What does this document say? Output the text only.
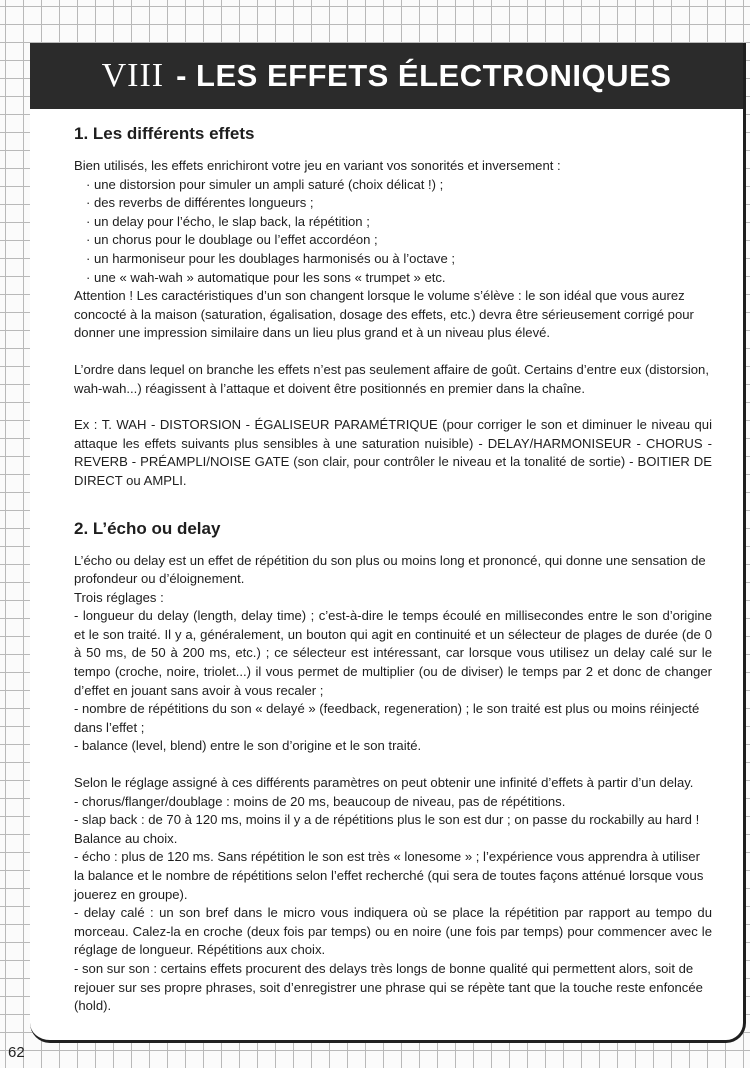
VIII - LES EFFETS ÉLECTRONIQUES
1. Les différents effets

Bien utilisés, les effets enrichiront votre jeu en variant vos sonorités et inversement :

· une distorsion pour simuler un ampli saturé (choix délicat !) ;
· des reverbs de différentes longueurs ;
· un delay pour l’écho, le slap back, la répétition ;
· un chorus pour le doublage ou l’effet accordéon ;
· un harmoniseur pour les doublages harmonisés ou à l’octave ;
· une « wah-wah » automatique pour les sons « trumpet » etc.

Attention ! Les caractéristiques d’un son changent lorsque le volume s’élève : le son idéal que vous aurez concocté à la maison (saturation, égalisation, dosage des effets, etc.) devra être sérieusement corrigé pour donner une impression similaire dans un lieu plus grand et à un niveau plus élevé.

L’ordre dans lequel on branche les effets n’est pas seulement affaire de goût. Certains d’entre eux (distorsion, wah-wah...) réagissent à l’attaque et doivent être positionnés en premier dans la chaîne.

Ex : T. WAH - DISTORSION - ÉGALISEUR PARAMÉTRIQUE (pour corriger le son et diminuer le niveau qui attaque les effets suivants plus sensibles à une saturation nuisible) - DELAY/HARMONISEUR - CHORUS - REVERB - PRÉAMPLI/NOISE GATE (son clair, pour contrôler le niveau et la tonalité de sortie) - BOITIER DE DIRECT ou AMPLI.

2. L’écho ou delay

L’écho ou delay est un effet de répétition du son plus ou moins long et prononcé, qui donne une sensation de profondeur ou d’éloignement.

Trois réglages :

- longueur du delay (length, delay time) ; c’est-à-dire le temps écoulé en millisecondes entre le son d’origine et le son traité. Il y a, généralement, un bouton qui agit en continuité et un sélecteur de plages de durée (de 0 à 50 ms, de 50 à 200 ms, etc.) ; ce sélecteur est intéressant, car lorsque vous utilisez un delay calé sur le tempo (croche, noire, triolet...) il vous permet de multiplier (ou de diviser) le temps par 2 et donc de changer d’effet en jouant sans avoir à vous recaler ;

- nombre de répétitions du son « delayé » (feedback, regeneration) ; le son traité est plus ou moins réinjecté dans l’effet ;

- balance (level, blend) entre le son d’origine et le son traité.

Selon le réglage assigné à ces différents paramètres on peut obtenir une infinité d’effets à partir d’un delay.

- chorus/flanger/doublage : moins de 20 ms, beaucoup de niveau, pas de répétitions.

- slap back : de 70 à 120 ms, moins il y a de répétitions plus le son est dur ; on passe du rockabilly au hard ! Balance au choix.

- écho : plus de 120 ms. Sans répétition le son est très « lonesome » ; l’expérience vous apprendra à utiliser la balance et le nombre de répétitions selon l’effet recherché (qui sera de toutes façons atténué lorsque vous jouerez en groupe).

- delay calé : un son bref dans le micro vous indiquera où se place la répétition par rapport au tempo du morceau. Calez-la en croche (deux fois par temps) ou en noire (une fois par temps) pour commencer avec le réglage de longueur. Répétitions aux choix.

- son sur son : certains effets procurent des delays très longs de bonne qualité qui permettent alors, soit de rejouer sur ses propre phrases, soit d’enregistrer une phrase qui se répète tant que la touche reste enfoncée (hold).

62
